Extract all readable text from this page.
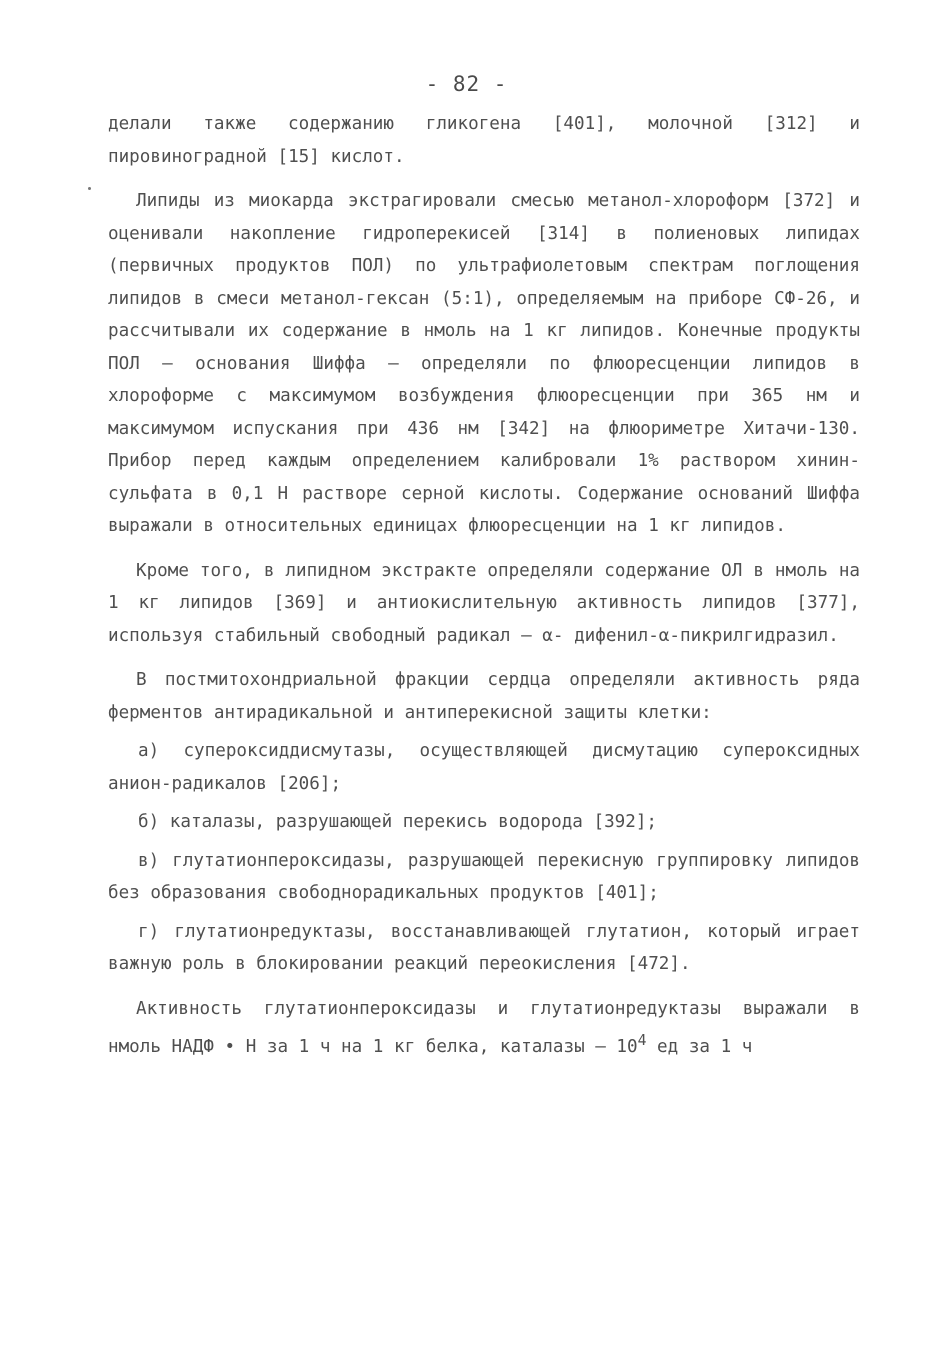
- 82 -

делали также содержанию гликогена [401], молочной [312] и пировиноградной [15] кислот.

Липиды из миокарда экстрагировали смесью метанол-хлороформ [372] и оценивали накопление гидроперекисей [314] в полиеновых липидах (первичных продуктов ПОЛ) по ультрафиолетовым спектрам поглощения липидов в смеси метанол-гексан (5:1), определяемым на приборе СФ-26, и рассчитывали их содержание в нмоль на 1 кг липидов. Конечные продукты ПОЛ – основания Шиффа – определяли по флюоресценции липидов в хлороформе с максимумом возбуждения флюоресценции при 365 нм и максимумом испускания при 436 нм [342] на флюориметре Хитачи-130. Прибор перед каждым определением калибровали 1% раствором хинин-сульфата в 0,1 Н растворе серной кислоты. Содержание оснований Шиффа выражали в относительных единицах флюоресценции на 1 кг липидов.

Кроме того, в липидном экстракте определяли содержание ОЛ в нмоль на 1 кг липидов [369] и антиокислительную активность липидов [377], используя стабильный свободный радикал – α- дифенил-α-пикрилгидразил.

В постмитохондриальной фракции сердца определяли активность ряда ферментов антирадикальной и антиперекисной защиты клетки:

а) супероксиддисмутазы, осуществляющей дисмутацию супероксидных анион-радикалов [206];

б) каталазы, разрушающей перекись водорода [392];

в) глутатионпероксидазы, разрушающей перекисную группировку липидов без образования свободнорадикальных продуктов [401];

г) глутатионредуктазы, восстанавливающей глутатион, который играет важную роль в блокировании реакций переокисления [472].

Активность глутатионпероксидазы и глутатионредуктазы выражали в нмоль НАДФ • Н за 1 ч на 1 кг белка, каталазы – $10^4$ ед за 1 ч
